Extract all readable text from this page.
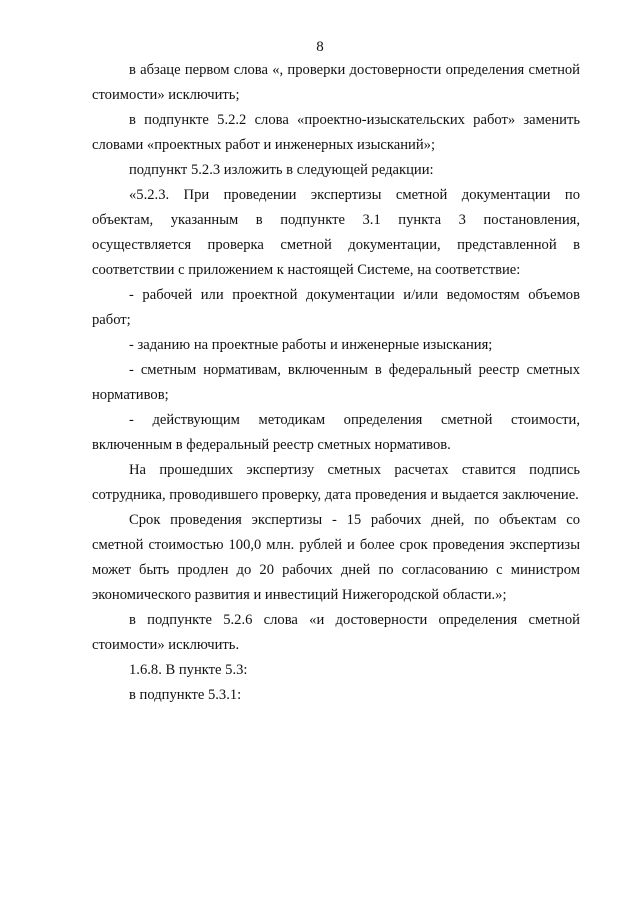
8

в абзаце первом слова «, проверки достоверности определения сметной стоимости» исключить;

в подпункте 5.2.2 слова «проектно-изыскательских работ» заменить словами «проектных работ и инженерных изысканий»;

подпункт 5.2.3 изложить в следующей редакции:

«5.2.3. При проведении экспертизы сметной документации по объектам, указанным в подпункте 3.1 пункта 3 постановления, осуществляется проверка сметной документации, представленной в соответствии с приложением к настоящей Системе, на соответствие:

- рабочей или проектной документации и/или ведомостям объемов работ;

- заданию на проектные работы и инженерные изыскания;

- сметным нормативам, включенным в федеральный реестр сметных нормативов;

- действующим методикам определения сметной стоимости, включенным в федеральный реестр сметных нормативов.

На прошедших экспертизу сметных расчетах ставится подпись сотрудника, проводившего проверку, дата проведения и выдается заключение.

Срок проведения экспертизы - 15 рабочих дней, по объектам со сметной стоимостью 100,0 млн. рублей и более срок проведения экспертизы может быть продлен до 20 рабочих дней по согласованию с министром экономического развития и инвестиций Нижегородской области.»;

в подпункте 5.2.6 слова «и достоверности определения сметной стоимости» исключить.

1.6.8. В пункте 5.3:

в подпункте 5.3.1:
